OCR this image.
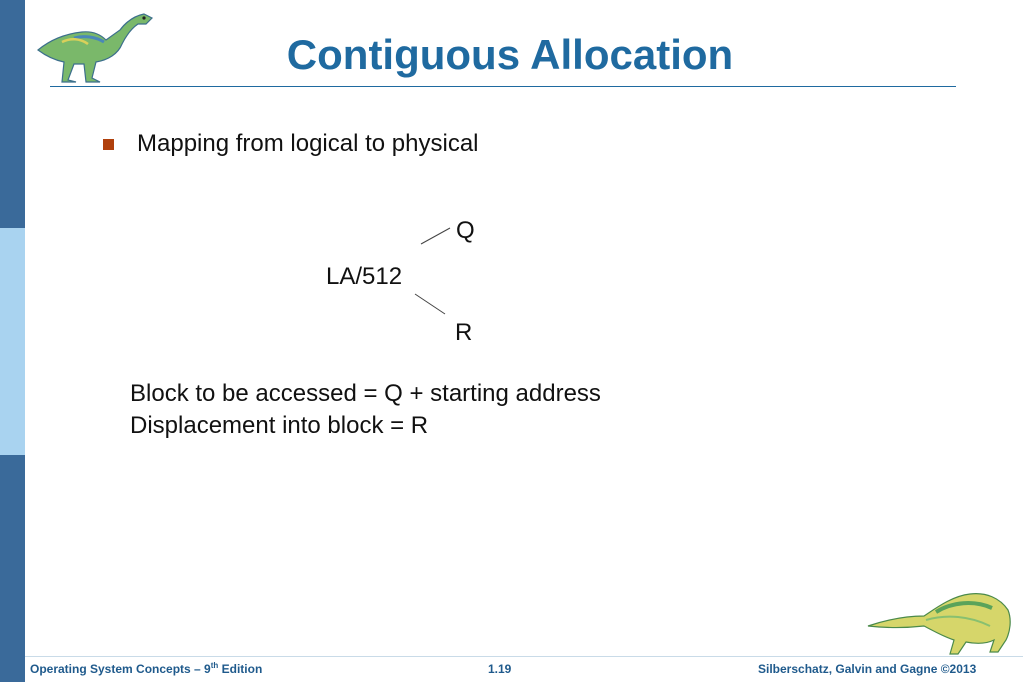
Contiguous Allocation
Mapping from logical to physical
LA/512
Q
R
Block to be accessed = Q + starting address
Displacement into block = R
Operating System Concepts – 9th Edition	1.19	Silberschatz, Galvin and Gagne ©2013
